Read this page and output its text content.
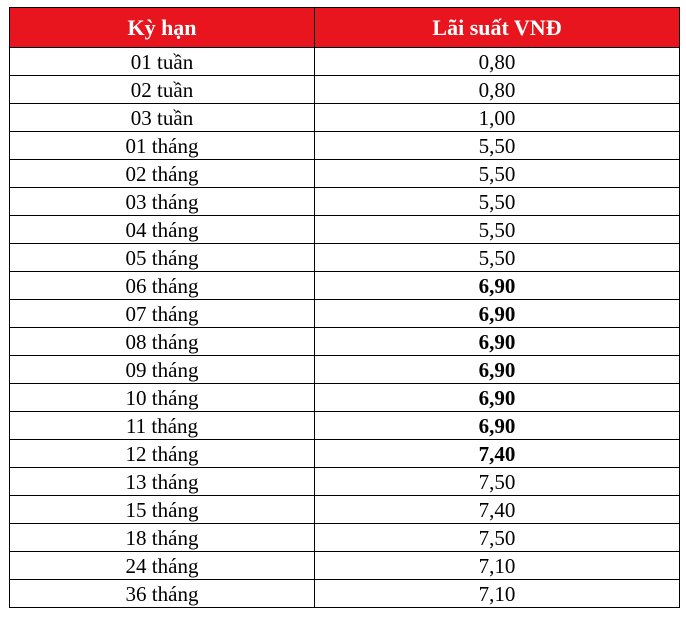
Kỳ hạn	Lãi suất VNĐ
01 tuần	0,80
02 tuần	0,80
03 tuần	1,00
01 tháng	5,50
02 tháng	5,50
03 tháng	5,50
04 tháng	5,50
05 tháng	5,50
06 tháng	6,90
07 tháng	6,90
08 tháng	6,90
09 tháng	6,90
10 tháng	6,90
11 tháng	6,90
12 tháng	7,40
13 tháng	7,50
15 tháng	7,40
18 tháng	7,50
24 tháng	7,10
36 tháng	7,10
